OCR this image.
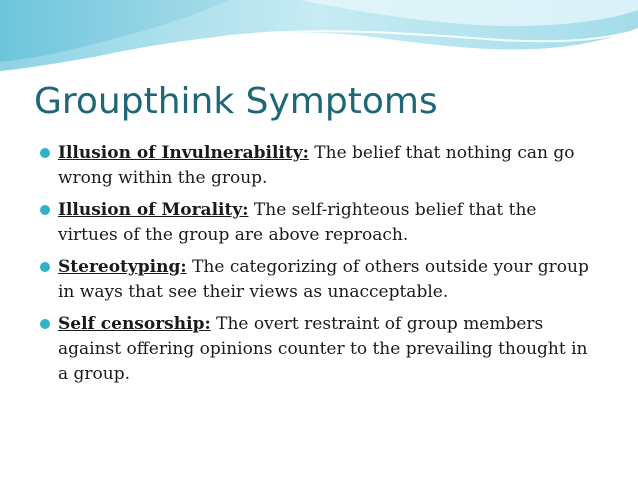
Groupthink Symptoms
Illusion of Invulnerability: The belief that nothing can go wrong within the group.
Illusion of Morality: The self-righteous belief that the virtues of the group are above reproach.
Stereotyping: The categorizing of others outside your group in ways that see their views as unacceptable.
Self censorship: The overt restraint of group members against offering opinions counter to the prevailing thought in a group.
